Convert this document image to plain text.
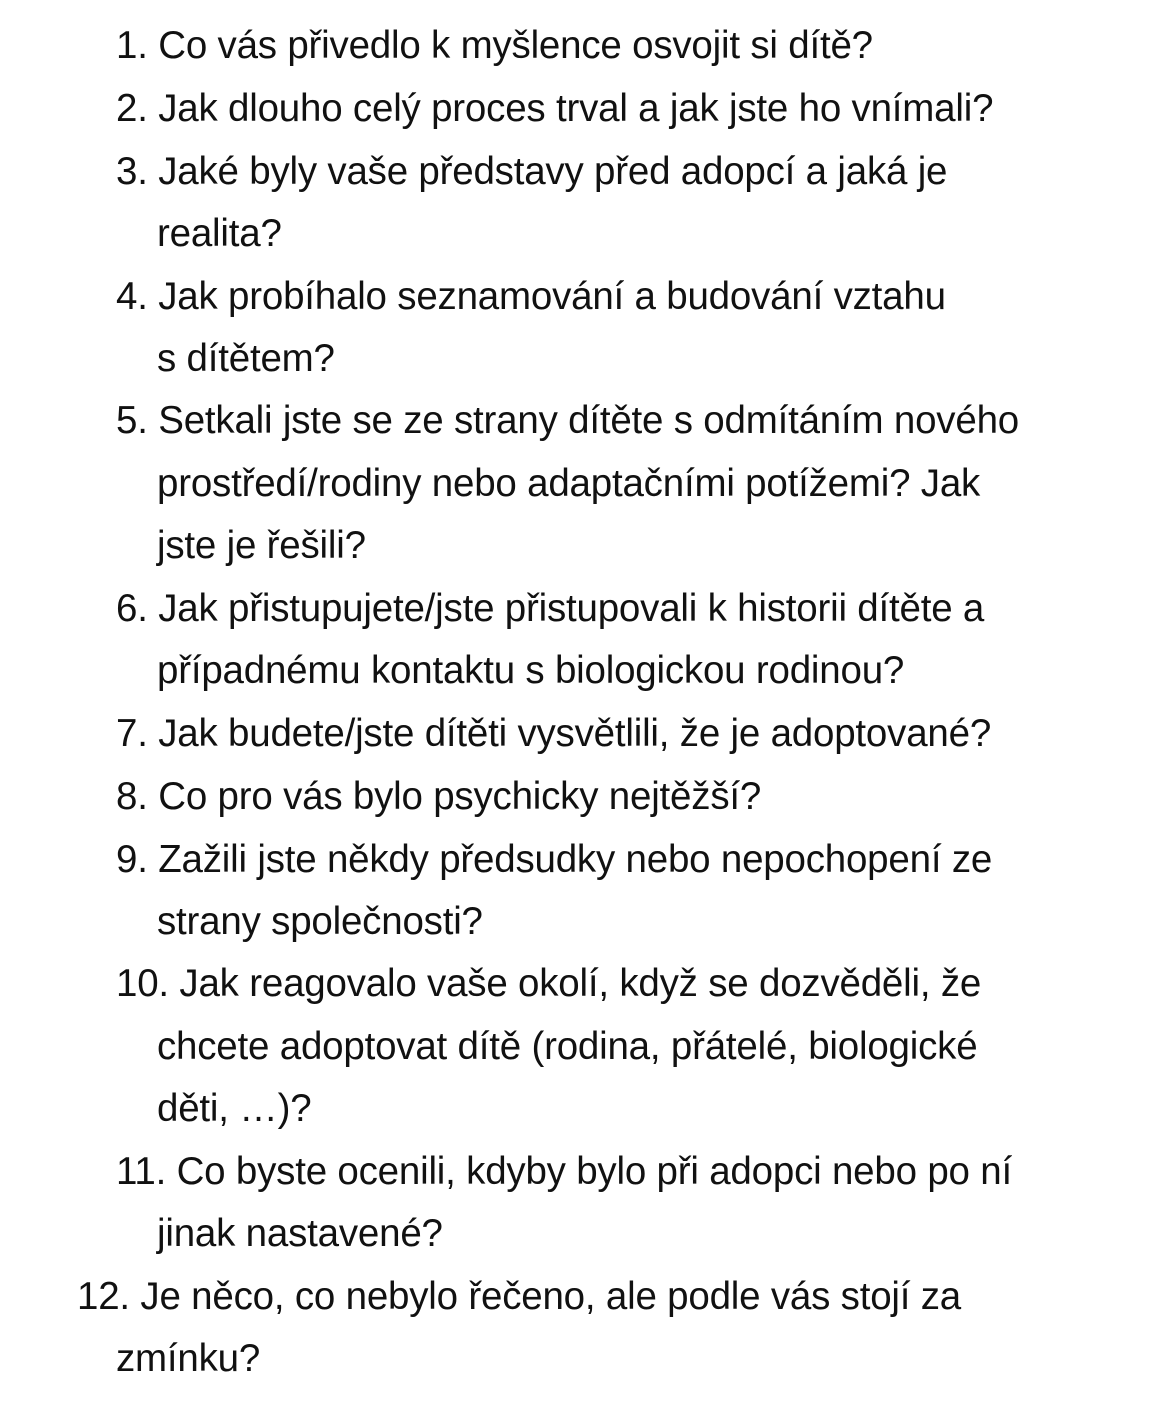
1. Co vás přivedlo k myšlence osvojit si dítě?
2. Jak dlouho celý proces trval a jak jste ho vnímali?
3. Jaké byly vaše představy před adopcí a jaká je
realita?
4. Jak probíhalo seznamování a budování vztahu
s dítětem?
5. Setkali jste se ze strany dítěte s odmítáním nového
prostředí/rodiny nebo adaptačními potížemi? Jak
jste je řešili?
6. Jak přistupujete/jste přistupovali k historii dítěte a
případnému kontaktu s biologickou rodinou?
7. Jak budete/jste dítěti vysvětlili, že je adoptované?
8. Co pro vás bylo psychicky nejtěžší?
9. Zažili jste někdy předsudky nebo nepochopení ze
strany společnosti?
10. Jak reagovalo vaše okolí, když se dozvěděli, že
chcete adoptovat dítě (rodina, přátelé, biologické
děti, …)?
11. Co byste ocenili, kdyby bylo při adopci nebo po ní
jinak nastavené?
12. Je něco, co nebylo řečeno, ale podle vás stojí za
zmínku?
